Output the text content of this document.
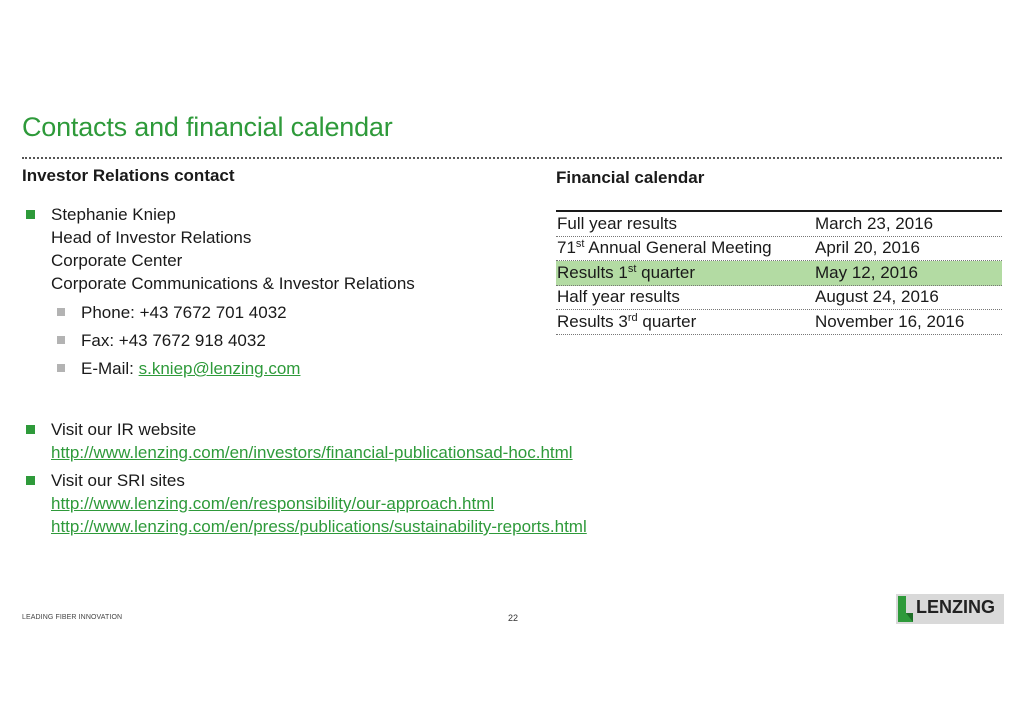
Contacts and financial calendar
Investor Relations contact
Stephanie Kniep
Head of Investor Relations
Corporate Center
Corporate Communications & Investor Relations
Phone: +43 7672 701 4032
Fax: +43 7672 918 4032
E-Mail: s.kniep@lenzing.com
Visit our IR website
http://www.lenzing.com/en/investors/financial-publicationsad-hoc.html
Visit our SRI sites
http://www.lenzing.com/en/responsibility/our-approach.html
http://www.lenzing.com/en/press/publications/sustainability-reports.html
Financial calendar
Full year results	March 23, 2016
71st Annual General Meeting	April 20, 2016
Results 1st quarter	May 12, 2016
Half year results	August 24, 2016
Results 3rd quarter	November 16, 2016
LEADING FIBER INNOVATION	22
LENZING
